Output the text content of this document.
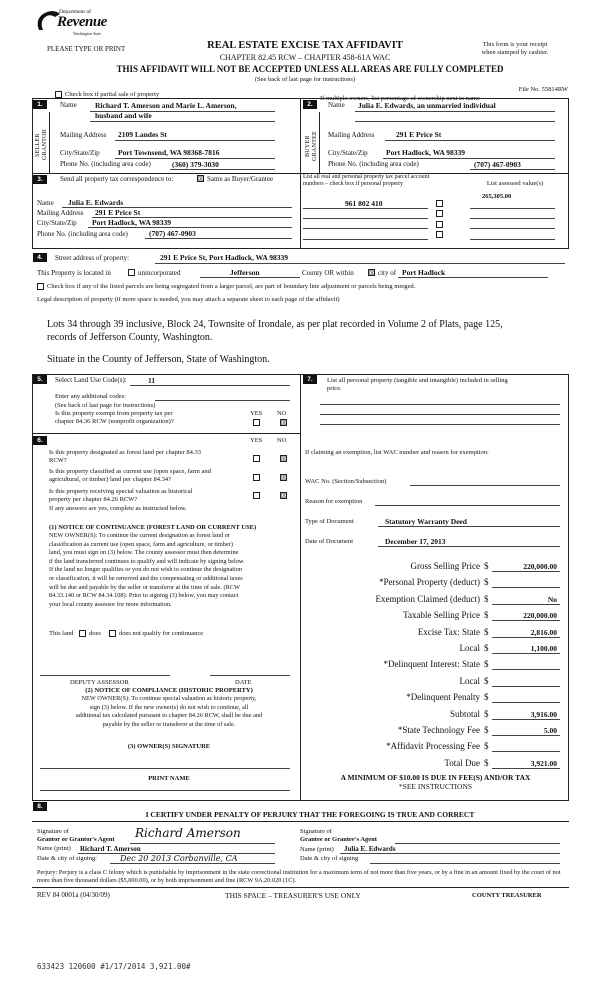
Department of
Revenue
Washington State
PLEASE TYPE OR PRINT	REAL ESTATE EXCISE TAX AFFIDAVIT
CHAPTER 82.45 RCW – CHAPTER 458-61A WAC
This form is your receipt
when stamped by cashier.
THIS AFFIDAVIT WILL NOT BE ACCEPTED UNLESS ALL AREAS ARE FULLY COMPLETED
(See back of last page for instructions)
File No. 55814RW
Check box if partial sale of property
If multiple owners, list percentage of ownership next to name
1.
SELLER GRANTOR
Name Richard T. Amerson and Marie L. Amerson,
husband and wife
Mailing Address 2109 Landes St
City/State/Zip Port Townsend, WA 98368-7816
Phone No. (including area code)	(360) 379-3030
2.
BUYER GRANTEE
Name Julia E. Edwards, an unmarried individual
Mailing Address	291 E Price St
City/State/Zip Port Hadlock, WA 98339
Phone No. (including area code)	(707) 467-0903
3.	Send all property tax correspondence to:	☒ Same as Buyer/Grantee
Name Julia E. Edwards
Mailing Address 291 E Price St
City/State/Zip Port Hadlock, WA 98339
Phone No. (including area code)	(707) 467-0903
List all real and personal property tax parcel account
numbers – check box if personal property	List assessed value(s)
961 802 410
265,305.00
4.	Street address of property:	291 E Price St, Port Hadlock, WA 98339
This Property is located in	unincorporated	Jefferson	County OR within ☒ city of Port Hadlock
Check box if any of the listed parcels are being segregated from a larger parcel, are part of boundary line adjustment or parcels being merged.
Legal description of property (if more space is needed, you may attach a separate sheet to each page of the affidavit)
Lots 34 through 39 inclusive, Block 24, Townsite of Irondale, as per plat recorded in Volume 2 of Plats, page 125,
records of Jefferson County, Washington.
Situate in the County of Jefferson, State of Washington.
5.	Select Land Use Code(s):	11
Enter any additional codes:
(See back of last page for instructions)
YES NO
Is this property exempt from property tax per
chapter 84.36 RCW (nonprofit organization)?	☒
6.	YES NO
Is this property designated as forest land per chapter 84.33
RCW?	☒
Is this property classified as current use (open space, farm and
agricultural, or timber) land per chapter 84.34?	☒
Is this property receiving special valuation as historical
property per chapter 84.26 RCW?	☒
If any answers are yes, complete as instructed below.
(1) NOTICE OF CONTINUANCE (FOREST LAND OR CURRENT USE)
NEW OWNER(S): To continue the current designation as forest land or
classification as current use (open space, farm and agriculture, or timber)
land, you must sign on (3) below. The county assessor must then determine
if the land transferred continues to qualify and will indicate by signing below.
If the land no longer qualifies or you do not wish to continue the designation
or classification, it will be removed and the compensating or additional taxes
will be due and payable by the seller or transferor at the time of sale. (RCW
84.33.140 or RCW 84.34.108). Prior to signing (3) below, you may contact
your local county assessor for more information.
This land does	does not qualify for continuance
DEPUTY ASSESSOR	DATE
(2) NOTICE OF COMPLIANCE (HISTORIC PROPERTY)
NEW OWNER(S): To continue special valuation as historic property,
sign (3) below. If the new owner(s) do not wish to continue, all
additional tax calculated pursuant to chapter 84.26 RCW, shall be due and
payable by the seller or transferor at the time of sale.
(3) OWNER(S) SIGNATURE
PRINT NAME
7.	List all personal property (tangible and intangible) included in selling
price.
If claiming an exemption, list WAC number and reason for exemption:
WAC No. (Section/Subsection)
Reason for exemption
Type of Document	Statutory Warranty Deed
Date of Document	December 17, 2013
Gross Selling Price $	220,000.00
*Personal Property (deduct) $
Exemption Claimed (deduct) $	No
Taxable Selling Price $	220,000.00
Excise Tax: State $	2,816.00
Local $	1,100.00
*Delinquent Interest: State $
Local $
*Delinquent Penalty $
Subtotal $	3,916.00
*State Technology Fee $	5.00
*Affidavit Processing Fee $
Total Due $	3,921.00
A MINIMUM OF $10.00 IS DUE IN FEE(S) AND/OR TAX
*SEE INSTRUCTIONS
8.
I CERTIFY UNDER PENALTY OF PERJURY THAT THE FOREGOING IS TRUE AND CORRECT
Signature of
Grantor or Grantor's Agent Richard Amerson
Name (print) Richard T. Amerson
Date & city of signing:	Dec 20 2013 Corbanville, CA
Signature of
Grantee or Grantee's Agent
Name (print) Julia E. Edwards
Date & city of signing
Perjury: Perjury is a class C felony which is punishable by imprisonment in the state correctional institution for a maximum term of not more than five years, or by a fine in an amount fixed by the court of not more than five thousand dollars ($5,000.00), or by both imprisonment and fine (RCW 9A.20.020 (1C).
REV 84 0001a (04/30/09)	THIS SPACE – TREASURER'S USE ONLY	COUNTY TREASURER
633423 120600 #1/17/2014 3,921.00#
